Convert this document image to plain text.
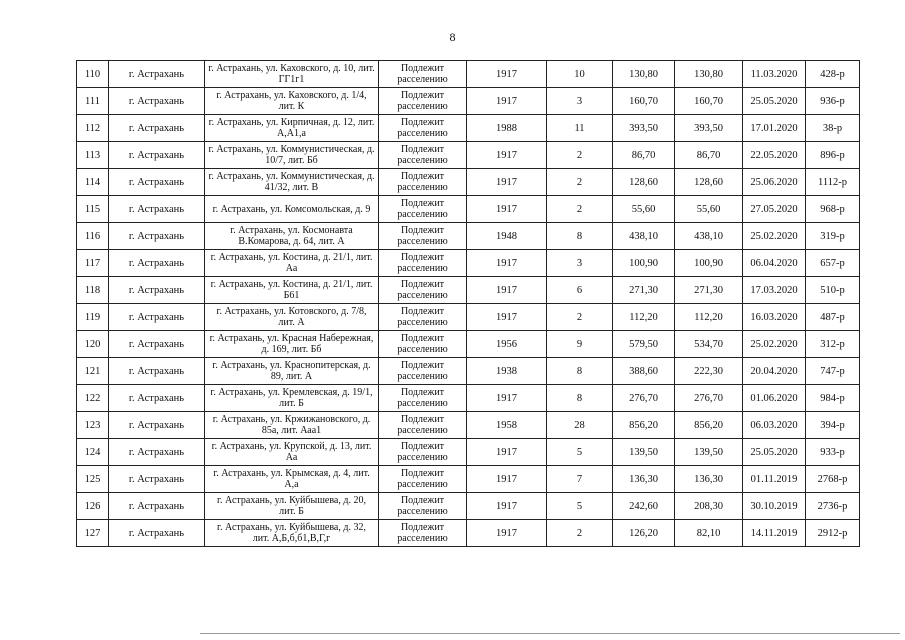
8
110	г. Астрахань	г. Астрахань, ул. Каховского, д. 10, лит. ГГ1г1	Подлежит расселению	1917	10	130,80	130,80	11.03.2020	428-р
111	г. Астрахань	г. Астрахань, ул. Каховского, д. 1/4, лит. К	Подлежит расселению	1917	3	160,70	160,70	25.05.2020	936-р
112	г. Астрахань	г. Астрахань, ул. Кирпичная, д. 12, лит. А,А1,а	Подлежит расселению	1988	11	393,50	393,50	17.01.2020	38-р
113	г. Астрахань	г. Астрахань, ул. Коммунистическая, д. 10/7, лит. Бб	Подлежит расселению	1917	2	86,70	86,70	22.05.2020	896-р
114	г. Астрахань	г. Астрахань, ул. Коммунистическая, д. 41/32, лит. В	Подлежит расселению	1917	2	128,60	128,60	25.06.2020	1112-р
115	г. Астрахань	г. Астрахань, ул. Комсомольская, д. 9	Подлежит расселению	1917	2	55,60	55,60	27.05.2020	968-р
116	г. Астрахань	г. Астрахань, ул. Космонавта В.Комарова, д. 64, лит. А	Подлежит расселению	1948	8	438,10	438,10	25.02.2020	319-р
117	г. Астрахань	г. Астрахань, ул. Костина, д. 21/1, лит. Аа	Подлежит расселению	1917	3	100,90	100,90	06.04.2020	657-р
118	г. Астрахань	г. Астрахань, ул. Костина, д. 21/1, лит. Б61	Подлежит расселению	1917	6	271,30	271,30	17.03.2020	510-р
119	г. Астрахань	г. Астрахань, ул. Котовского, д. 7/8, лит. А	Подлежит расселению	1917	2	112,20	112,20	16.03.2020	487-р
120	г. Астрахань	г. Астрахань, ул. Красная Набережная, д. 169, лит. Бб	Подлежит расселению	1956	9	579,50	534,70	25.02.2020	312-р
121	г. Астрахань	г. Астрахань, ул. Краснопитерская, д. 89, лит. А	Подлежит расселению	1938	8	388,60	222,30	20.04.2020	747-р
122	г. Астрахань	г. Астрахань, ул. Кремлевская, д. 19/1, лит. Б	Подлежит расселению	1917	8	276,70	276,70	01.06.2020	984-р
123	г. Астрахань	г. Астрахань, ул. Кржижановского, д. 85а, лит. Ааа1	Подлежит расселению	1958	28	856,20	856,20	06.03.2020	394-р
124	г. Астрахань	г. Астрахань, ул. Крупской, д. 13, лит. Аа	Подлежит расселению	1917	5	139,50	139,50	25.05.2020	933-р
125	г. Астрахань	г. Астрахань, ул. Крымская, д. 4, лит. А,а	Подлежит расселению	1917	7	136,30	136,30	01.11.2019	2768-р
126	г. Астрахань	г. Астрахань, ул. Куйбышева, д. 20, лит. Б	Подлежит расселению	1917	5	242,60	208,30	30.10.2019	2736-р
127	г. Астрахань	г. Астрахань, ул. Куйбышева, д. 32, лит. А,Б,б,б1,В,Г,г	Подлежит расселению	1917	2	126,20	82,10	14.11.2019	2912-р
